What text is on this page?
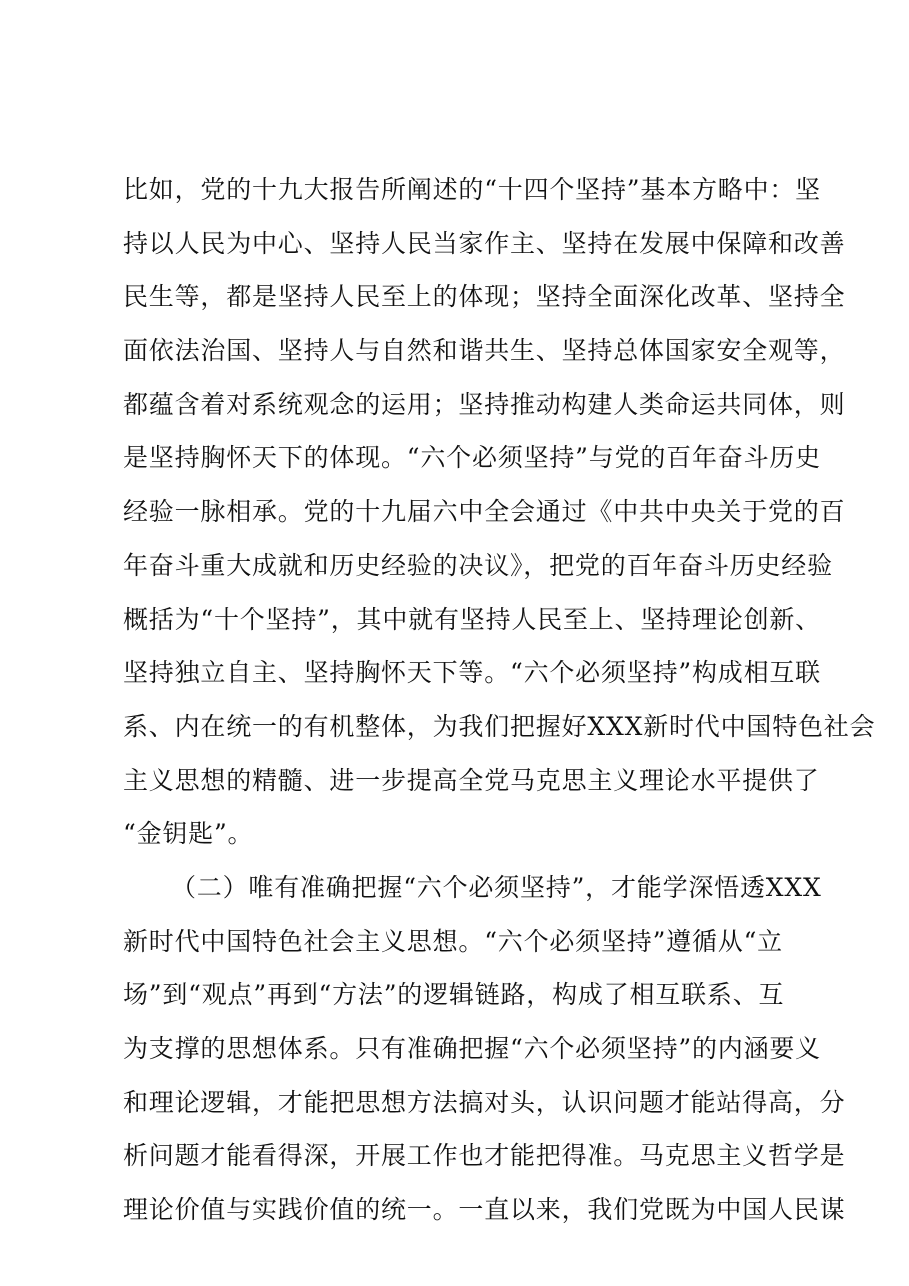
比如，党的十九大报告所阐述的“十四个坚持”基本方略中：坚
持以人民为中心、坚持人民当家作主、坚持在发展中保障和改善
民生等，都是坚持人民至上的体现；坚持全面深化改革、坚持全
面依法治国、坚持人与自然和谐共生、坚持总体国家安全观等，
都蕴含着对系统观念的运用；坚持推动构建人类命运共同体，则
是坚持胸怀天下的体现。“六个必须坚持”与党的百年奋斗历史
经验一脉相承。党的十九届六中全会通过《中共中央关于党的百
年奋斗重大成就和历史经验的决议》，把党的百年奋斗历史经验
概括为“十个坚持”，其中就有坚持人民至上、坚持理论创新、
坚持独立自主、坚持胸怀天下等。“六个必须坚持”构成相互联
系、内在统一的有机整体，为我们把握好XXX新时代中国特色社会
主义思想的精髓、进一步提高全党马克思主义理论水平提供了
“金钥匙”。
（二）唯有准确把握“六个必须坚持”，才能学深悟透XXX
新时代中国特色社会主义思想。“六个必须坚持”遵循从“立
场”到“观点”再到“方法”的逻辑链路，构成了相互联系、互
为支撑的思想体系。只有准确把握“六个必须坚持”的内涵要义
和理论逻辑，才能把思想方法搞对头，认识问题才能站得高，分
析问题才能看得深，开展工作也才能把得准。马克思主义哲学是
理论价值与实践价值的统一。一直以来，我们党既为中国人民谋
